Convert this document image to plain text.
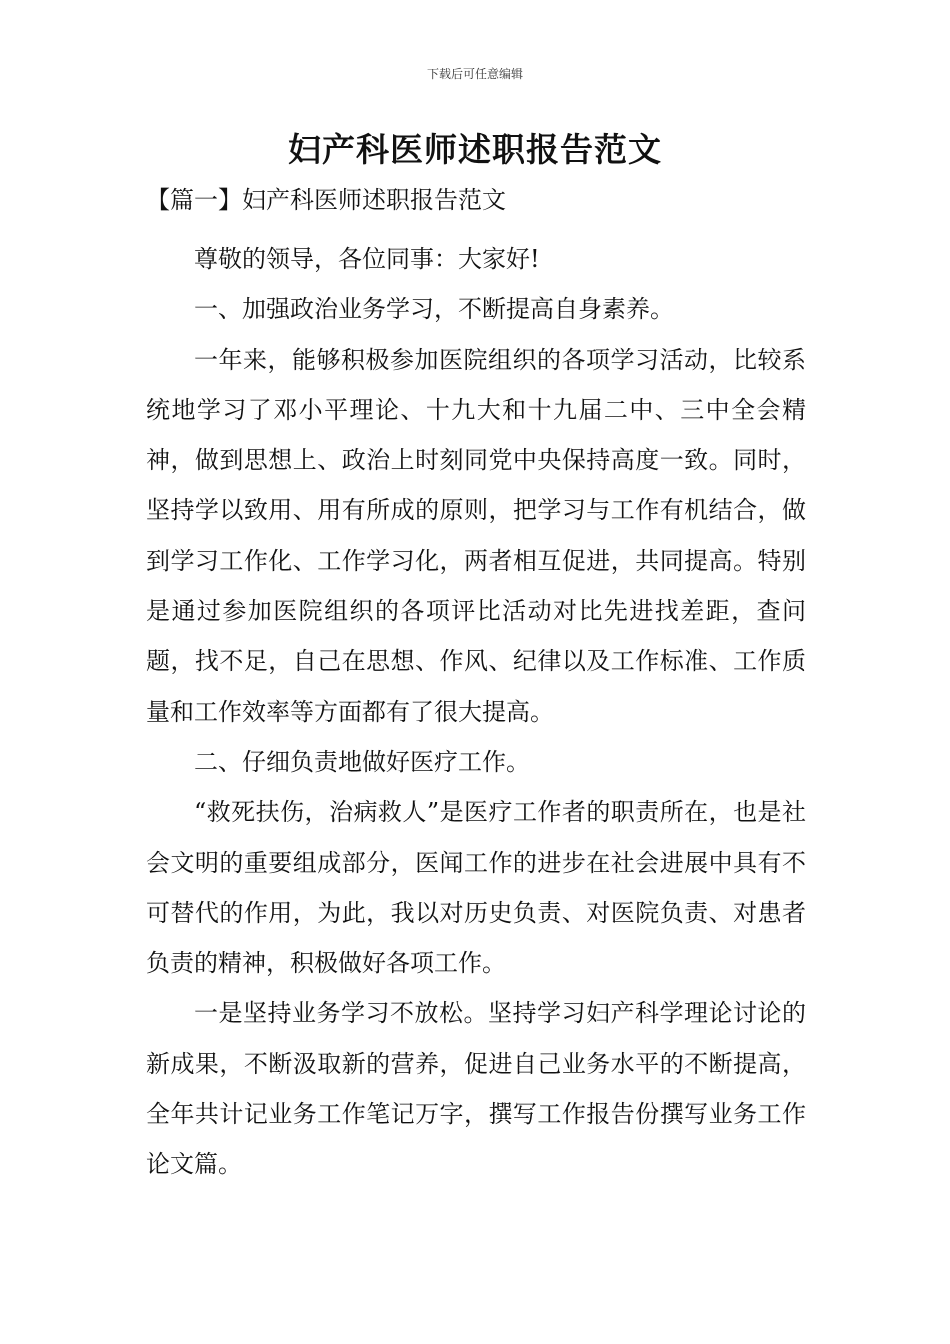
下载后可任意编辑
妇产科医师述职报告范文
【篇一】妇产科医师述职报告范文

尊敬的领导，各位同事：大家好!

一、加强政治业务学习，不断提高自身素养。

一年来，能够积极参加医院组织的各项学习活动，比较系统地学习了邓小平理论、十九大和十九届二中、三中全会精神，做到思想上、政治上时刻同党中央保持高度一致。同时，坚持学以致用、用有所成的原则，把学习与工作有机结合，做到学习工作化、工作学习化，两者相互促进，共同提高。特别是通过参加医院组织的各项评比活动对比先进找差距，查问题，找不足，自己在思想、作风、纪律以及工作标准、工作质量和工作效率等方面都有了很大提高。

二、仔细负责地做好医疗工作。

“救死扶伤，治病救人”是医疗工作者的职责所在，也是社会文明的重要组成部分，医闻工作的进步在社会进展中具有不可替代的作用，为此，我以对历史负责、对医院负责、对患者负责的精神，积极做好各项工作。

一是坚持业务学习不放松。坚持学习妇产科学理论讨论的新成果，不断汲取新的营养，促进自己业务水平的不断提高，全年共计记业务工作笔记万字，撰写工作报告份撰写业务工作论文篇。
